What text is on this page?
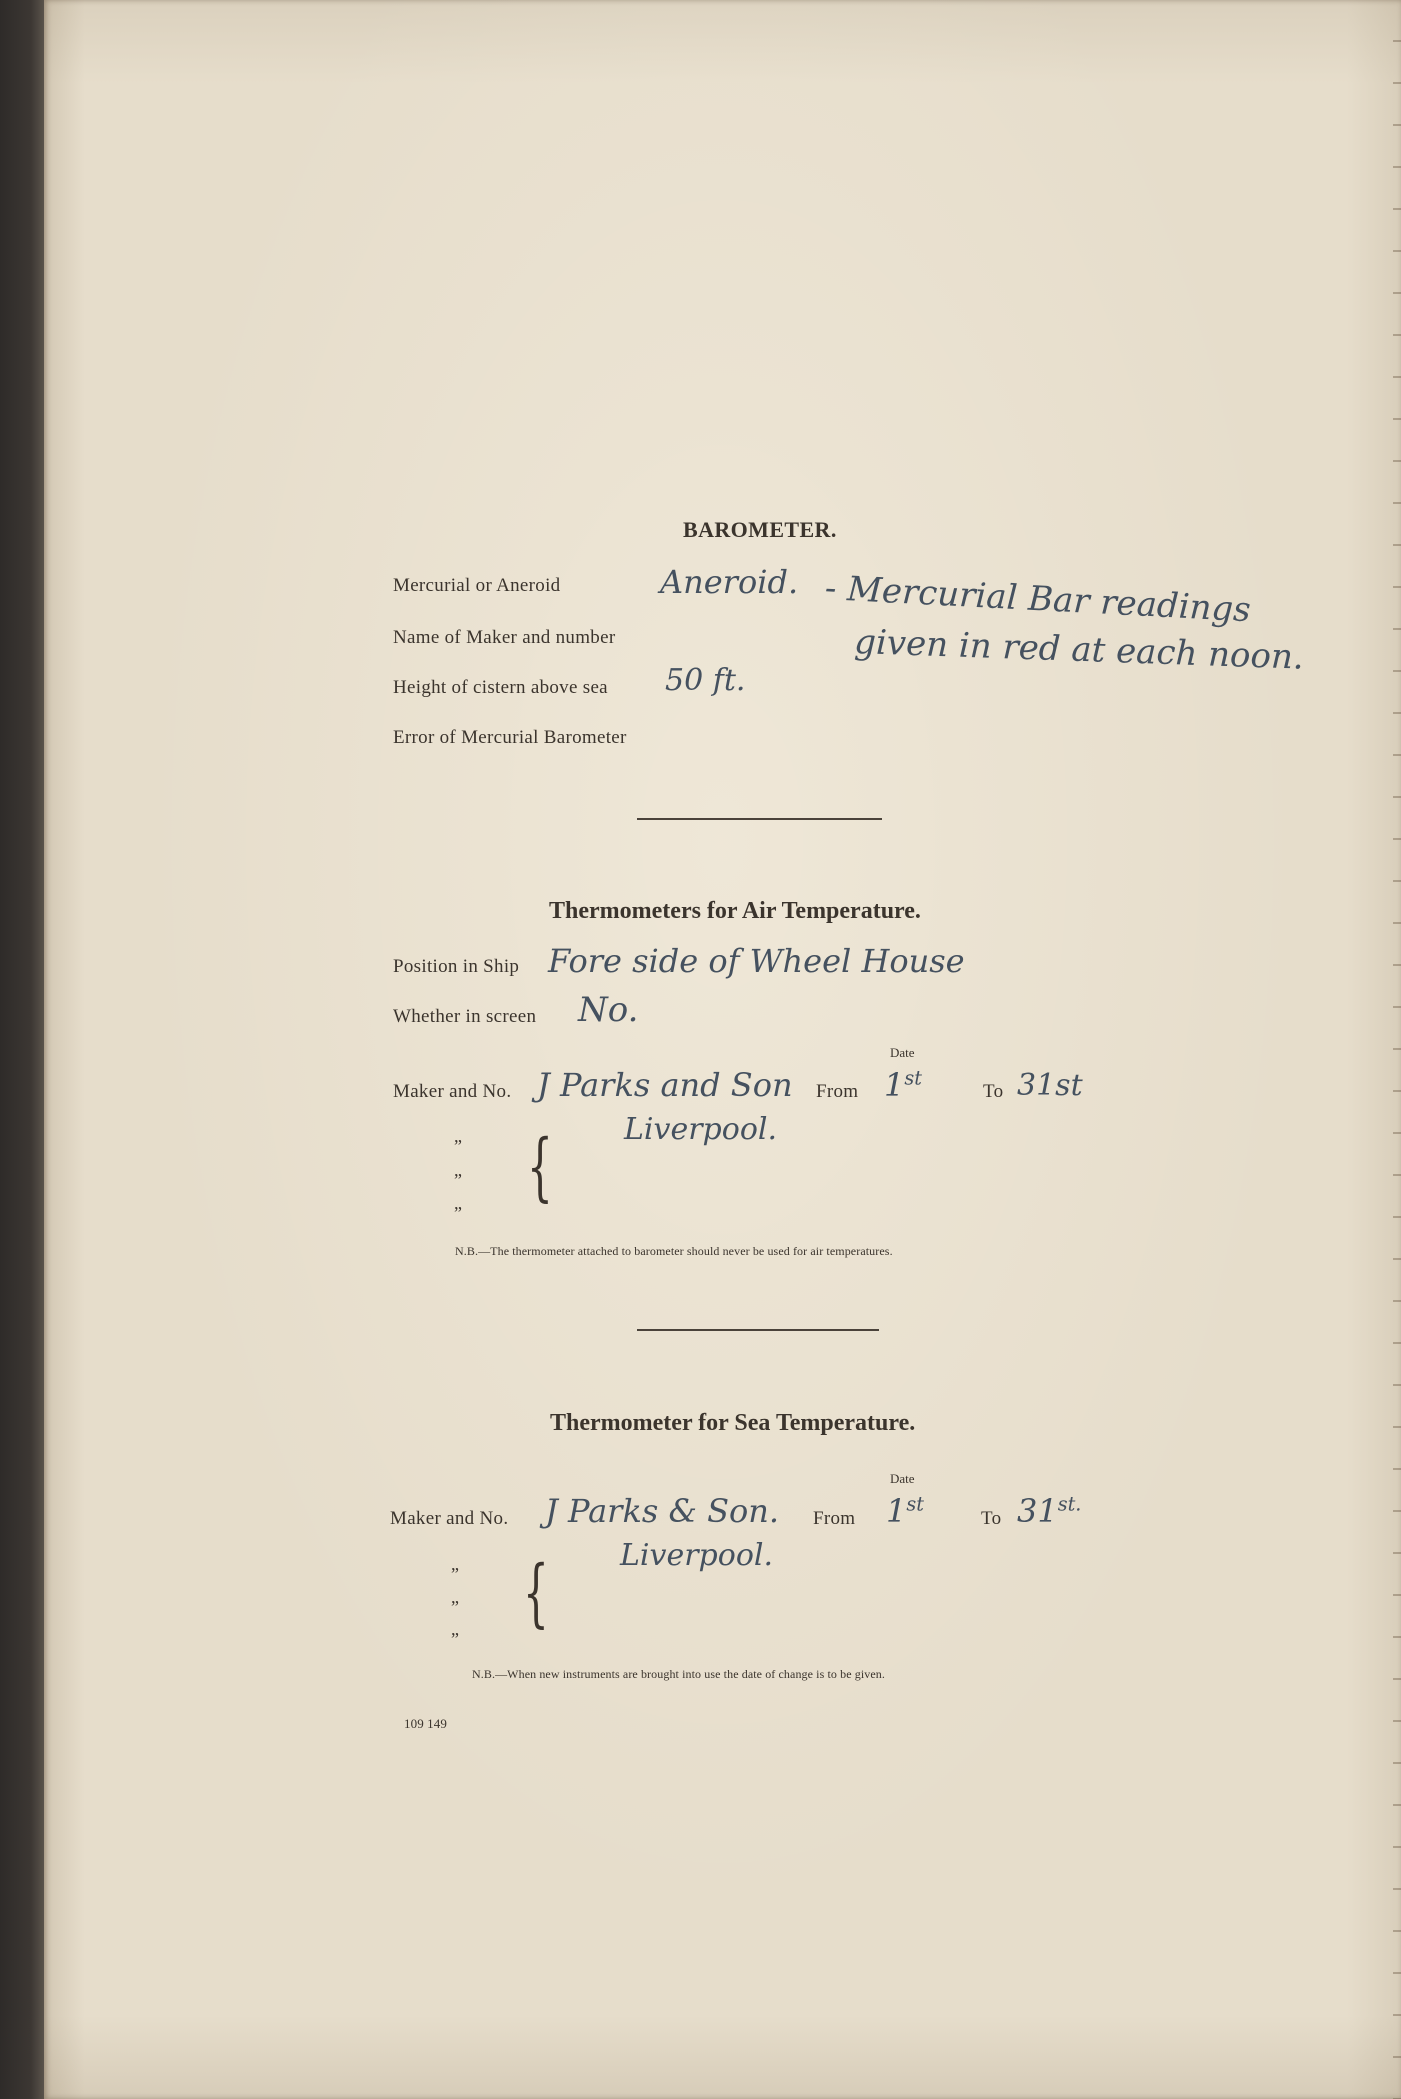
BAROMETER.
Mercurial or Aneroid	Aneroid.
Name of Maker and number
Height of cistern above sea 50 ft.
Error of Mercurial Barometer
- Mercurial Bar readings
given in red at each noon.
Thermometers for Air Temperature.
Position in Ship Fore side of Wheel House
Whether in screen No.
Date
Maker and No. J Parks and Son
Liverpool.
From 1st
To 31st
”
”
”
{
N.B.—The thermometer attached to barometer should never be used for air temperatures.
Thermometer for Sea Temperature.
Date
Maker and No. J Parks & Son.
Liverpool.
From 1st
To $31^{st.}$
”
”
”
{
N.B.—When new instruments are brought into use the date of change is to be given.
109 149
